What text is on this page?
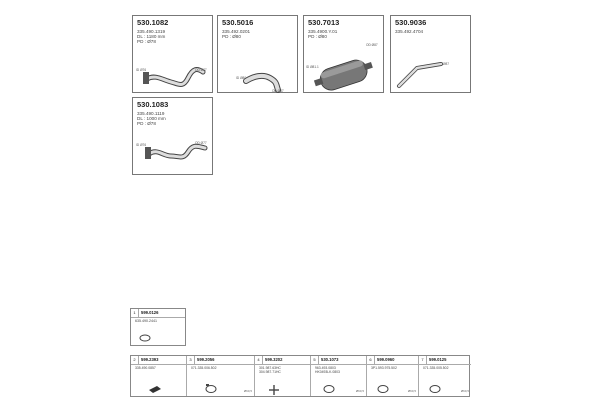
530.1082
335.490.1319
DL : 1180 mm
PD : Ø78
ID Ø76	OD Ø77
530.5016
335.492.0201
PD : Ø80
ID Ø80
OD Ø87
530.7013
335.4900.Y.01
PD : Ø80
OD Ø87
ID Ø81.1
530.9036
335.492.4704
Ø87
530.1083
335.490.1119
DL : 1000 mm
PD : Ø78
ID Ø76	OD Ø77
1	599.0126
635.490.2441
2	599.2393
335.490.0857
3	599.2056
071.335.006.502
Ø60,5
4	599.3202
301.987.63HC
304.987.71HC
5	530.1073
963.493.0803
HK0493LK.0803
Ø60,5
6	599.0960
3P1.593.975.502
Ø60,5
7	599.0125
071.335.005.502
Ø60,5
